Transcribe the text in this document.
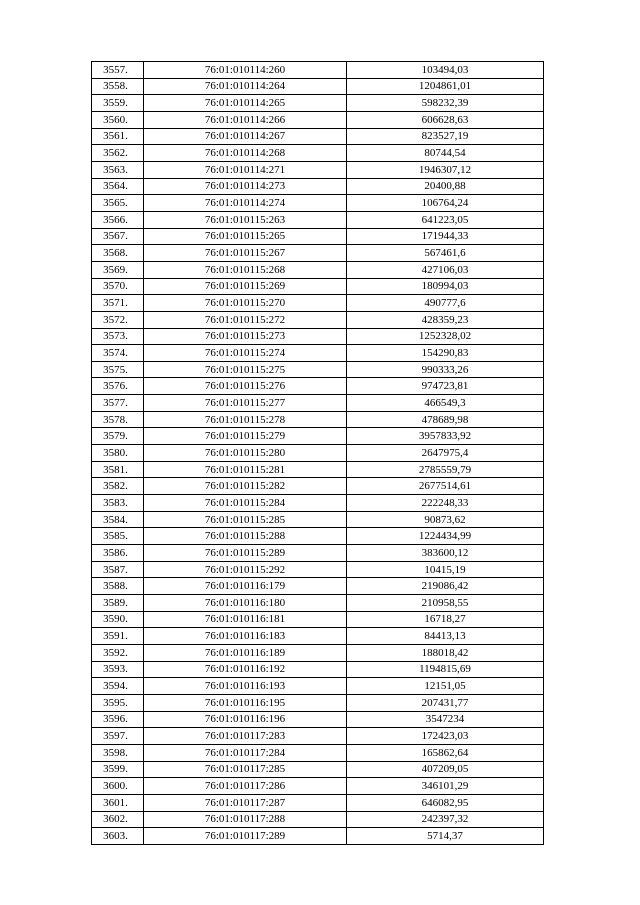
3557.	76:01:010114:260	103494,03
3558.	76:01:010114:264	1204861,01
3559.	76:01:010114:265	598232,39
3560.	76:01:010114:266	606628,63
3561.	76:01:010114:267	823527,19
3562.	76:01:010114:268	80744,54
3563.	76:01:010114:271	1946307,12
3564.	76:01:010114:273	20400,88
3565.	76:01:010114:274	106764,24
3566.	76:01:010115:263	641223,05
3567.	76:01:010115:265	171944,33
3568.	76:01:010115:267	567461,6
3569.	76:01:010115:268	427106,03
3570.	76:01:010115:269	180994,03
3571.	76:01:010115:270	490777,6
3572.	76:01:010115:272	428359,23
3573.	76:01:010115:273	1252328,02
3574.	76:01:010115:274	154290,83
3575.	76:01:010115:275	990333,26
3576.	76:01:010115:276	974723,81
3577.	76:01:010115:277	466549,3
3578.	76:01:010115:278	478689,98
3579.	76:01:010115:279	3957833,92
3580.	76:01:010115:280	2647975,4
3581.	76:01:010115:281	2785559,79
3582.	76:01:010115:282	2677514,61
3583.	76:01:010115:284	222248,33
3584.	76:01:010115:285	90873,62
3585.	76:01:010115:288	1224434,99
3586.	76:01:010115:289	383600,12
3587.	76:01:010115:292	10415,19
3588.	76:01:010116:179	219086,42
3589.	76:01:010116:180	210958,55
3590.	76:01:010116:181	16718,27
3591.	76:01:010116:183	84413,13
3592.	76:01:010116:189	188018,42
3593.	76:01:010116:192	1194815,69
3594.	76:01:010116:193	12151,05
3595.	76:01:010116:195	207431,77
3596.	76:01:010116:196	3547234
3597.	76:01:010117:283	172423,03
3598.	76:01:010117:284	165862,64
3599.	76:01:010117:285	407209,05
3600.	76:01:010117:286	346101,29
3601.	76:01:010117:287	646082,95
3602.	76:01:010117:288	242397,32
3603.	76:01:010117:289	5714,37
